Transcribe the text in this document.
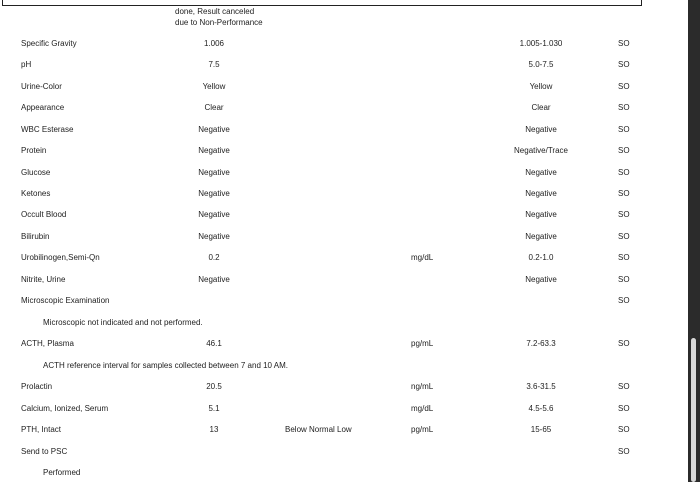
done, Result canceled
due to Non-Performance
Specific Gravity	1.006	1.005-1.030	SO
pH	7.5	5.0-7.5	SO
Urine-Color	Yellow	Yellow	SO
Appearance	Clear	Clear	SO
WBC Esterase	Negative	Negative	SO
Protein	Negative	Negative/Trace	SO
Glucose	Negative	Negative	SO
Ketones	Negative	Negative	SO
Occult Blood	Negative	Negative	SO
Bilirubin	Negative	Negative	SO
Urobilinogen,Semi-Qn	0.2	mg/dL	0.2-1.0	SO
Nitrite, Urine	Negative	Negative	SO
Microscopic Examination	SO
ACTH, Plasma	46.1	pg/mL	7.2-63.3	SO
Prolactin	20.5	ng/mL	3.6-31.5	SO
Calcium, Ionized, Serum	5.1	mg/dL	4.5-5.6	SO
PTH, Intact	13	Below Normal Low	pg/mL	15-65	SO
Send to PSC	SO
Microscopic not indicated and not performed.
ACTH reference interval for samples collected between 7 and 10 AM.
Performed
